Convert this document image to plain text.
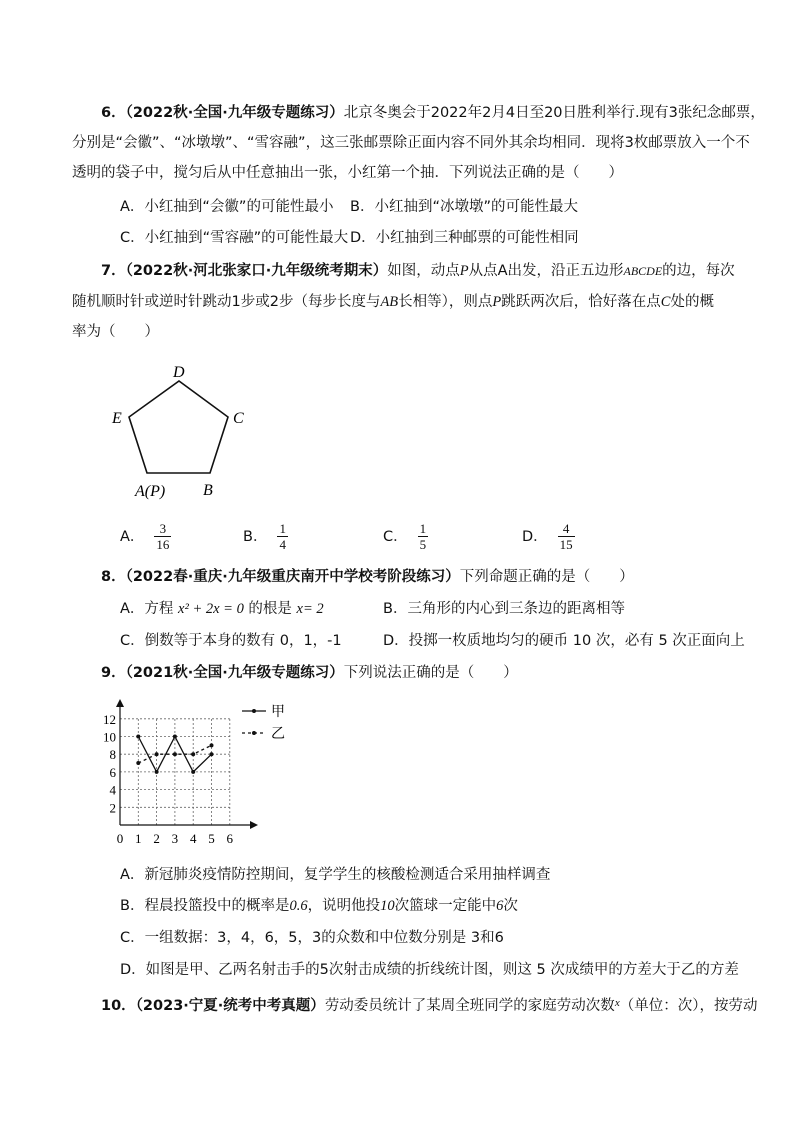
6．（2022秋·全国·九年级专题练习）北京冬奥会于2022年2月4日至20日胜利举行.现有3张纪念邮票，
分别是“会徽”、“冰墩墩”、“雪容融”，这三张邮票除正面内容不同外其余均相同．现将3枚邮票放入一个不
透明的袋子中，搅匀后从中任意抽出一张，小红第一个抽．下列说法正确的是（　　）
A．小红抽到“会徽”的可能性最小 B．小红抽到“冰墩墩”的可能性最大
C．小红抽到“雪容融”的可能性最大 D．小红抽到三种邮票的可能性相同
7．（2022秋·河北张家口·九年级统考期末）如图，动点P从点A出发，沿正五边形ABCDE的边，每次
随机顺时针或逆时针跳动1步或2步（每步长度与AB长相等），则点P跳跃两次后，恰好落在点C处的概
率为（　　）
D
C
E
A(P) B
A． $\frac{3}{16}$	B． $\frac{1}{4}$	C． $\frac{1}{5}$	D． $\frac{4}{15}$
8．（2022春·重庆·九年级重庆南开中学校考阶段练习）下列命题正确的是（　　）
A．方程 x² + 2x = 0 的根是 x= 2	B．三角形的内心到三条边的距离相等
C．倒数等于本身的数有 0，1，-1	D．投掷一枚质地均匀的硬币 10 次，必有 5 次正面向上
9．（2021秋·全国·九年级专题练习）下列说法正确的是（　　）
0 1 2 3 4 5 6
2
4
6
8
10
12	甲
乙
A．新冠肺炎疫情防控期间，复学学生的核酸检测适合采用抽样调查
B．程晨投篮投中的概率是0.6，说明他投10次篮球一定能中6次
C．一组数据：3，4，6，5，3的众数和中位数分别是 3和6
D．如图是甲、乙两名射击手的5次射击成绩的折线统计图，则这 5 次成绩甲的方差大于乙的方差
10．（2023·宁夏·统考中考真题）劳动委员统计了某周全班同学的家庭劳动次数$^x$（单位：次），按劳动
